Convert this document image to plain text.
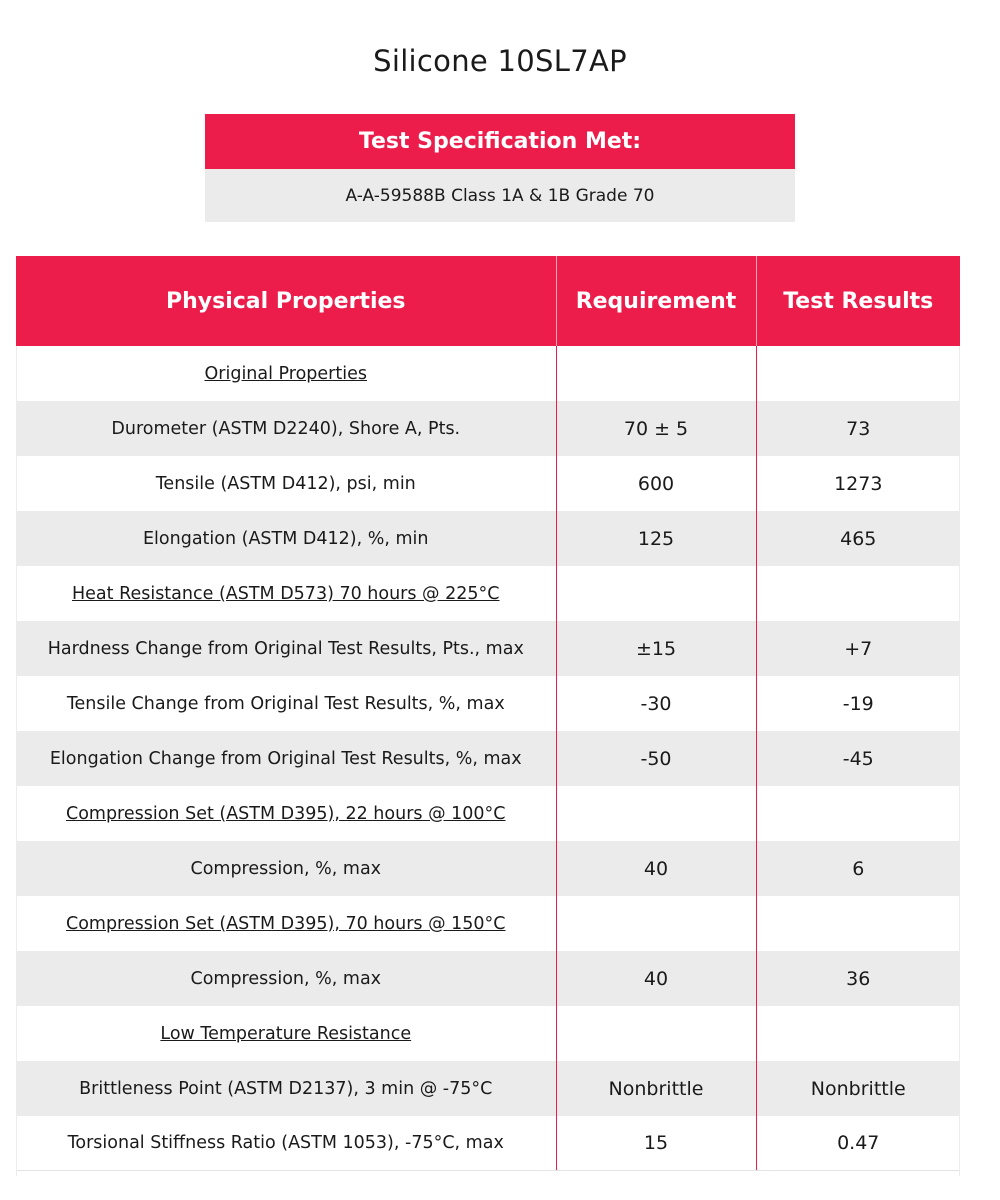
Silicone 10SL7AP
Test Specification Met:
A-A-59588B Class 1A & 1B Grade 70
Physical Properties	Requirement	Test Results
Original Properties		
Durometer (ASTM D2240), Shore A, Pts.	70 ± 5	73
Tensile (ASTM D412), psi, min	600	1273
Elongation (ASTM D412), %, min	125	465
Heat Resistance (ASTM D573) 70 hours @ 225°C		
Hardness Change from Original Test Results, Pts., max	±15	+7
Tensile Change from Original Test Results, %, max	-30	-19
Elongation Change from Original Test Results, %, max	-50	-45
Compression Set (ASTM D395), 22 hours @ 100°C		
Compression, %, max	40	6
Compression Set (ASTM D395), 70 hours @ 150°C		
Compression, %, max	40	36
Low Temperature Resistance		
Brittleness Point (ASTM D2137), 3 min @ -75°C	Nonbrittle	Nonbrittle
Torsional Stiffness Ratio (ASTM 1053), -75°C, max	15	0.47
